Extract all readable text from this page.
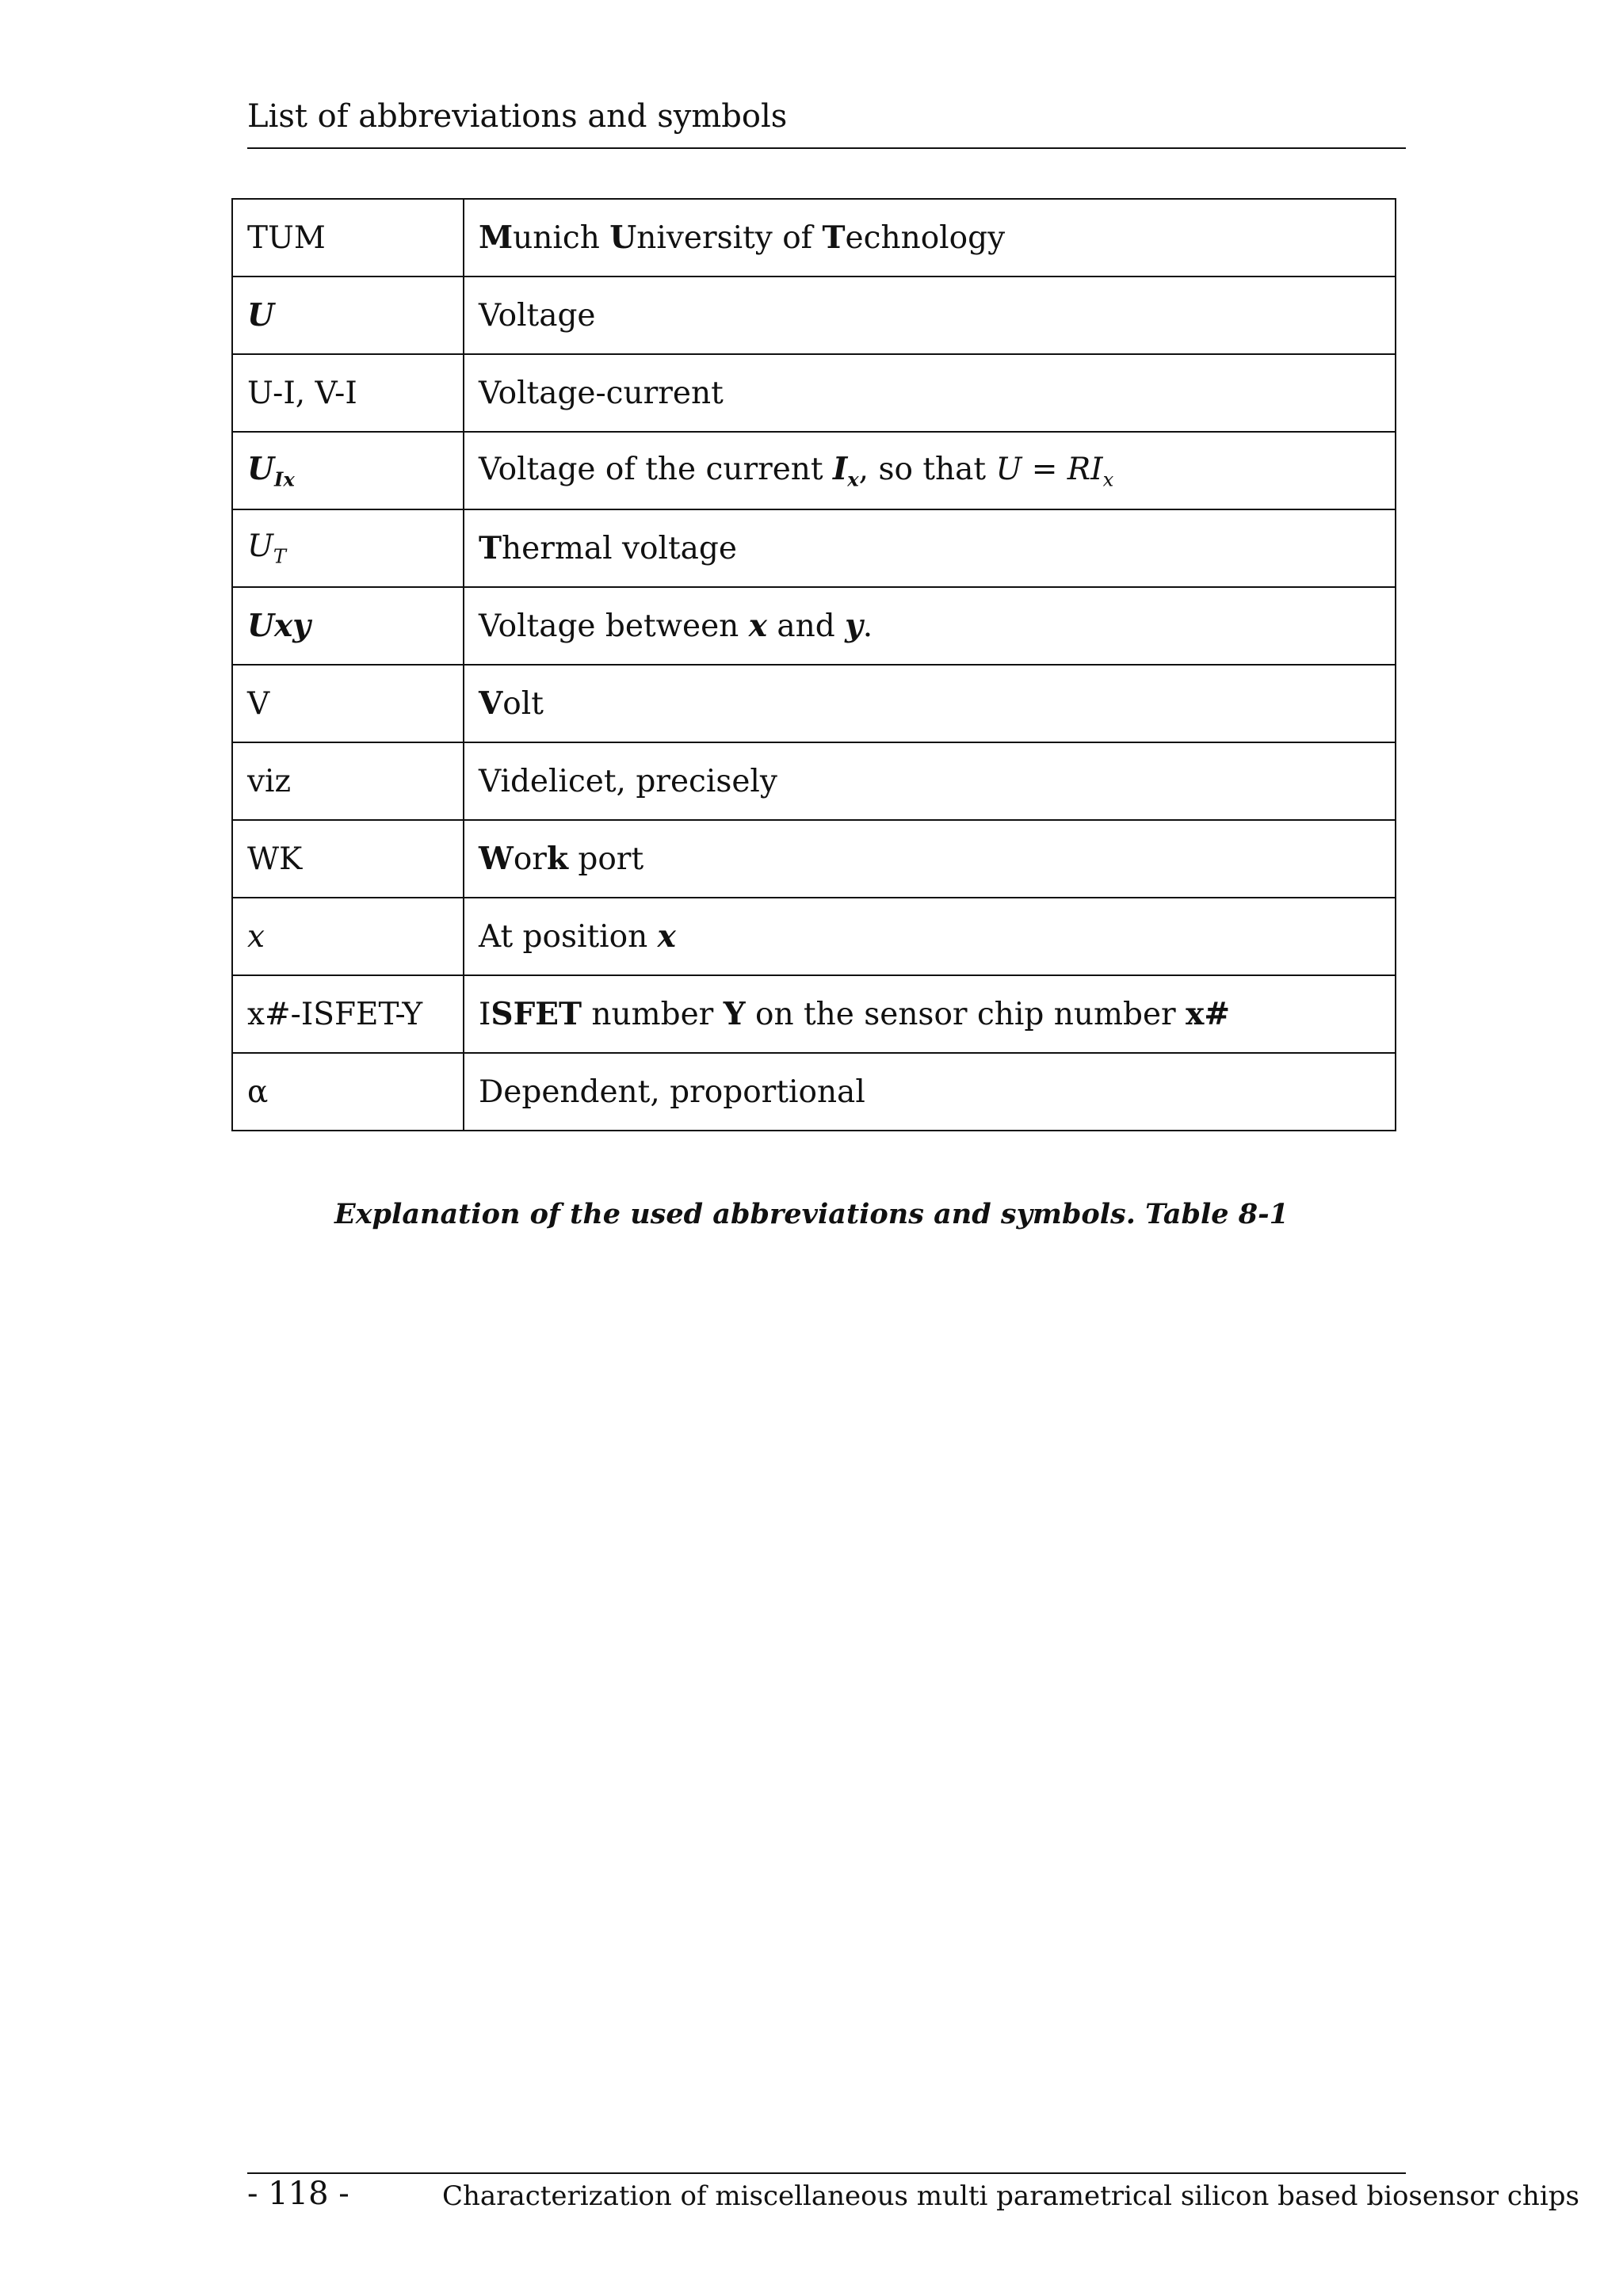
List of abbreviations and symbols
TUM	Munich University of Technology
U	Voltage
U-I, V-I	Voltage-current
$U_{Ix}$	Voltage of the current $I_x$, so that $U = RI_x$
$U_T$	Thermal voltage
Uxy	Voltage between x and y.
V	Volt
viz	Videlicet, precisely
WK	Work port
x	At position x
x#-ISFET-Y	ISFET number Y on the sensor chip number x#
α	Dependent, proportional
Explanation of the used abbreviations and symbols. Table 8-1
- 118 -	Characterization of miscellaneous multi parametrical silicon based biosensor chips
